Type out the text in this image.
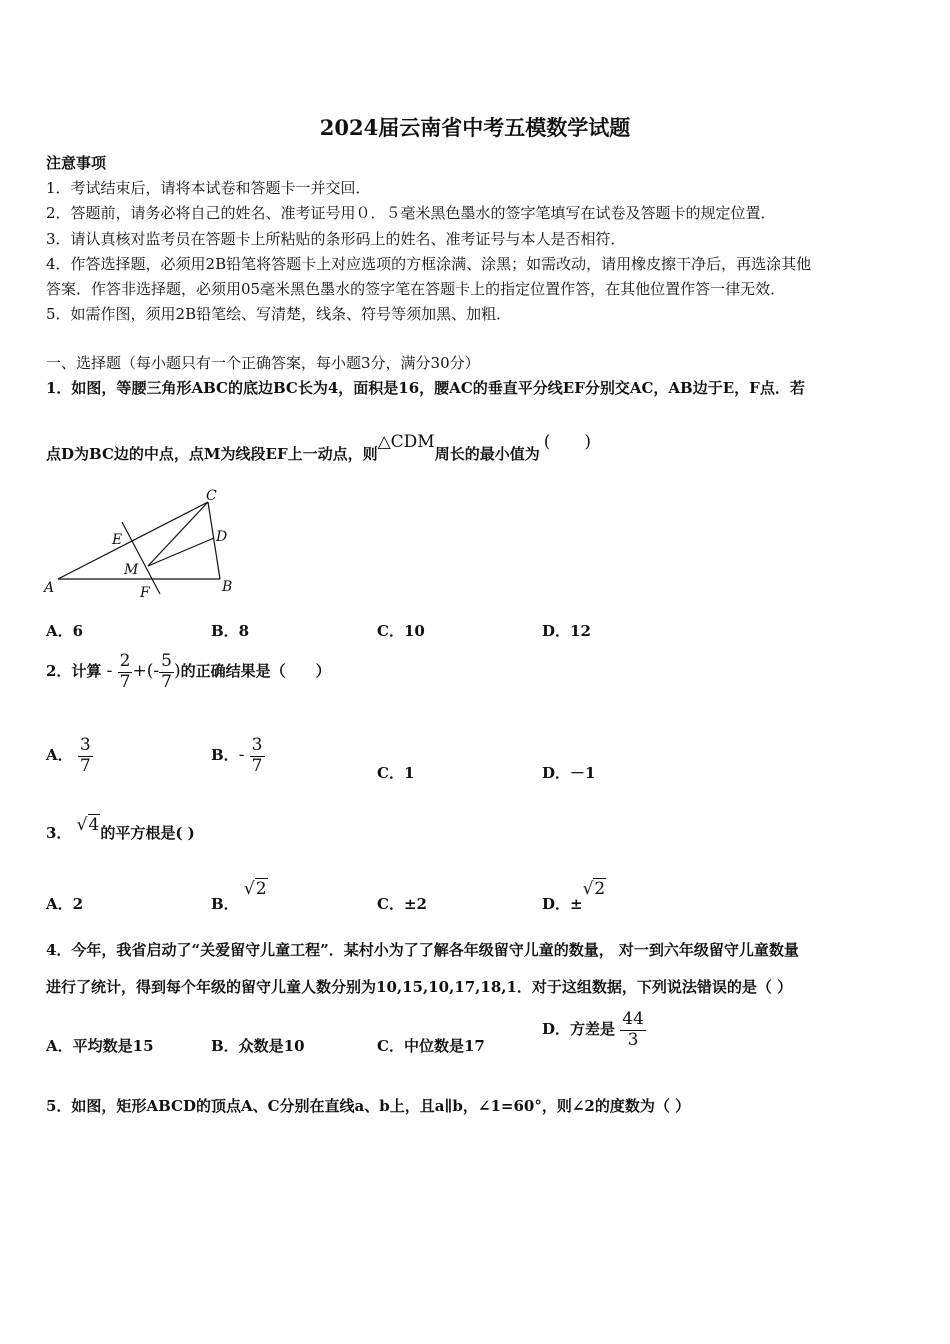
2024届云南省中考五模数学试题
注意事项
1．考试结束后，请将本试卷和答题卡一并交回．
2．答题前，请务必将自己的姓名、准考证号用０．５毫米黑色墨水的签字笔填写在试卷及答题卡的规定位置．
3．请认真核对监考员在答题卡上所粘贴的条形码上的姓名、准考证号与本人是否相符．
4．作答选择题，必须用2B铅笔将答题卡上对应选项的方框涂满、涂黑；如需改动，请用橡皮擦干净后，再选涂其他
答案．作答非选择题，必须用05毫米黑色墨水的签字笔在答题卡上的指定位置作答，在其他位置作答一律无效．
5．如需作图，须用2B铅笔绘、写清楚，线条、符号等须加黑、加粗．
一、选择题（每小题只有一个正确答案，每小题3分，满分30分）
1．如图，等腰三角形ABC的底边BC长为4，面积是16，腰AC的垂直平分线EF分别交AC，AB边于E，F点．若
点D为BC边的中点，点M为线段EF上一动点，则△CDM周长的最小值为(　　)
A	B
C
D
E
F
M
A．6	B．8	C．10	D．12
2．计算 - $\frac{2}{7}$ +(- $\frac{5}{7}$ )的正确结果是（　　）
A． $\frac{3}{7}$	B．- $\frac{3}{7}$	C．1	D．－1
3． √4的平方根是( )
A．2	B． √2
C．±2	D．±√2
4．今年，我省启动了“关爱留守儿童工程”．某村小为了了解各年级留守儿童的数量， 对一到六年级留守儿童数量
进行了统计，得到每个年级的留守儿童人数分别为10,15,10,17,18,1．对于这组数据，下列说法错误的是（ ）
A．平均数是15	B．众数是10	C．中位数是17
D．方差是 $\frac{44}{3}$
5．如图，矩形ABCD的顶点A、C分别在直线a、b上，且a∥b，∠1=60°，则∠2的度数为（ ）
